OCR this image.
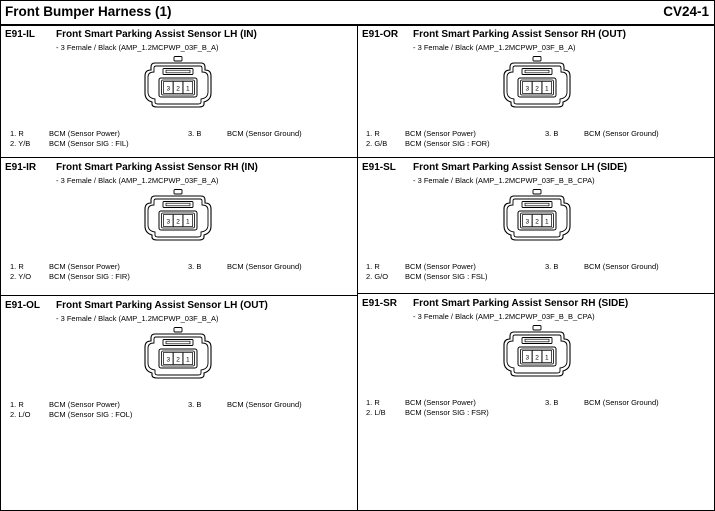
Front Bumper Harness (1)	CV24-1
E91-IL Front Smart Parking Assist Sensor LH (IN)
- 3 Female / Black (AMP_1.2MCPWP_03F_B_A)
3 2 1
1. R	BCM (Sensor Power)
2. Y/B BCM (Sensor SIG : FIL)
3. B	BCM (Sensor Ground)
E91-IR Front Smart Parking Assist Sensor RH (IN)
- 3 Female / Black (AMP_1.2MCPWP_03F_B_A)
3 2 1
1. R	BCM (Sensor Power)
2. Y/O BCM (Sensor SIG : FIR)
3. B	BCM (Sensor Ground)
E91-OL Front Smart Parking Assist Sensor LH (OUT)
- 3 Female / Black (AMP_1.2MCPWP_03F_B_A)
3 2 1
1. R	BCM (Sensor Power)
2. L/O BCM (Sensor SIG : FOL)
3. B	BCM (Sensor Ground)
E91-OR Front Smart Parking Assist Sensor RH (OUT)
- 3 Female / Black (AMP_1.2MCPWP_03F_B_A)
3 2 1
1. R	BCM (Sensor Power)
2. G/B BCM (Sensor SIG : FOR)
3. B	BCM (Sensor Ground)
E91-SL Front Smart Parking Assist Sensor LH (SIDE)
- 3 Female / Black (AMP_1.2MCPWP_03F_B_B_CPA)
3 2 1
1. R	BCM (Sensor Power)
2. G/O BCM (Sensor SIG : FSL)
3. B	BCM (Sensor Ground)
E91-SR Front Smart Parking Assist Sensor RH (SIDE)
- 3 Female / Black (AMP_1.2MCPWP_03F_B_B_CPA)
3 2 1
1. R	BCM (Sensor Power)
2. L/B	BCM (Sensor SIG : FSR)
3. B	BCM (Sensor Ground)
